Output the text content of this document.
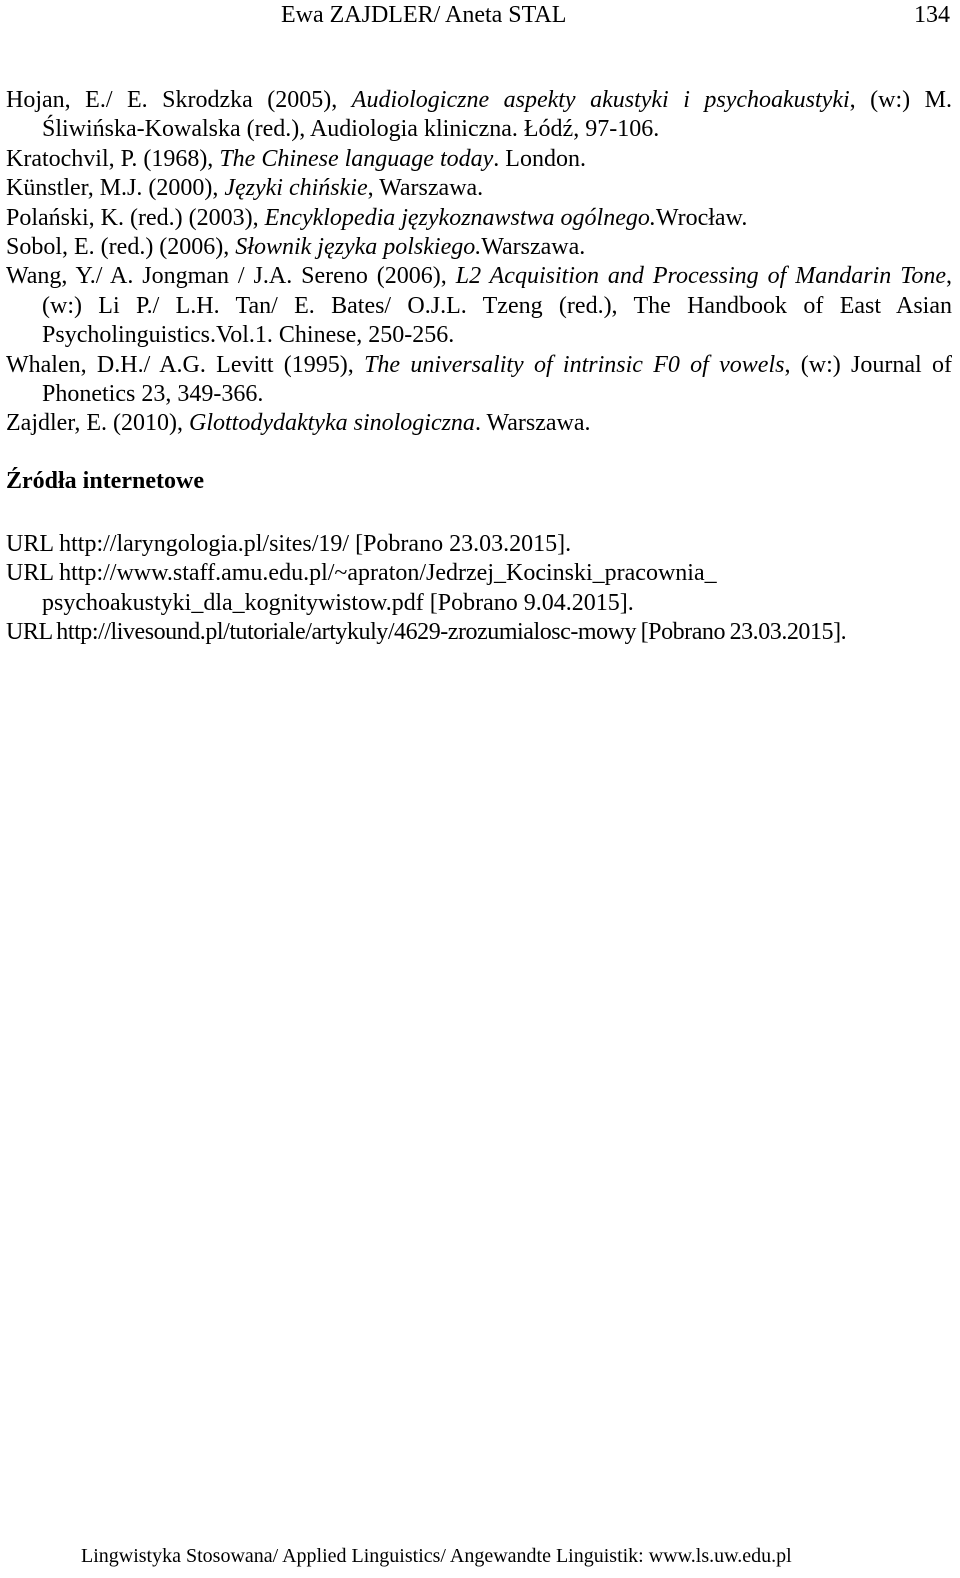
Ewa ZAJDLER/ Aneta STAL	134

Hojan, E./ E. Skrodzka (2005), Audiologiczne aspekty akustyki i psychoakustyki, (w:) M. Śliwińska-Kowalska (red.), Audiologia kliniczna. Łódź, 97-106.

Kratochvil, P. (1968), The Chinese language today. London.

Künstler, M.J. (2000), Języki chińskie, Warszawa.

Polański, K. (red.) (2003), Encyklopedia językoznawstwa ogólnego.Wrocław.

Sobol, E. (red.) (2006), Słownik języka polskiego.Warszawa.

Wang, Y./ A. Jongman / J.A. Sereno (2006), L2 Acquisition and Processing of Mandarin Tone, (w:) Li P./ L.H. Tan/ E. Bates/ O.J.L. Tzeng (red.), The Handbook of East Asian Psycholinguistics.Vol.1. Chinese, 250-256.

Whalen, D.H./ A.G. Levitt (1995), The universality of intrinsic F0 of vowels, (w:) Journal of Phonetics 23, 349-366.

Zajdler, E. (2010), Glottodydaktyka sinologiczna. Warszawa.

Źródła internetowe

URL http://laryngologia.pl/sites/19/ [Pobrano 23.03.2015].

URL http://www.staff.amu.edu.pl/~apraton/Jedrzej_Kocinski_pracownia_ psychoakustyki_dla_kognitywistow.pdf [Pobrano 9.04.2015].

URL http://livesound.pl/tutoriale/artykuly/4629-zrozumialosc-mowy [Pobrano 23.03.2015].

Lingwistyka Stosowana/ Applied Linguistics/ Angewandte Linguistik: www.ls.uw.edu.pl
